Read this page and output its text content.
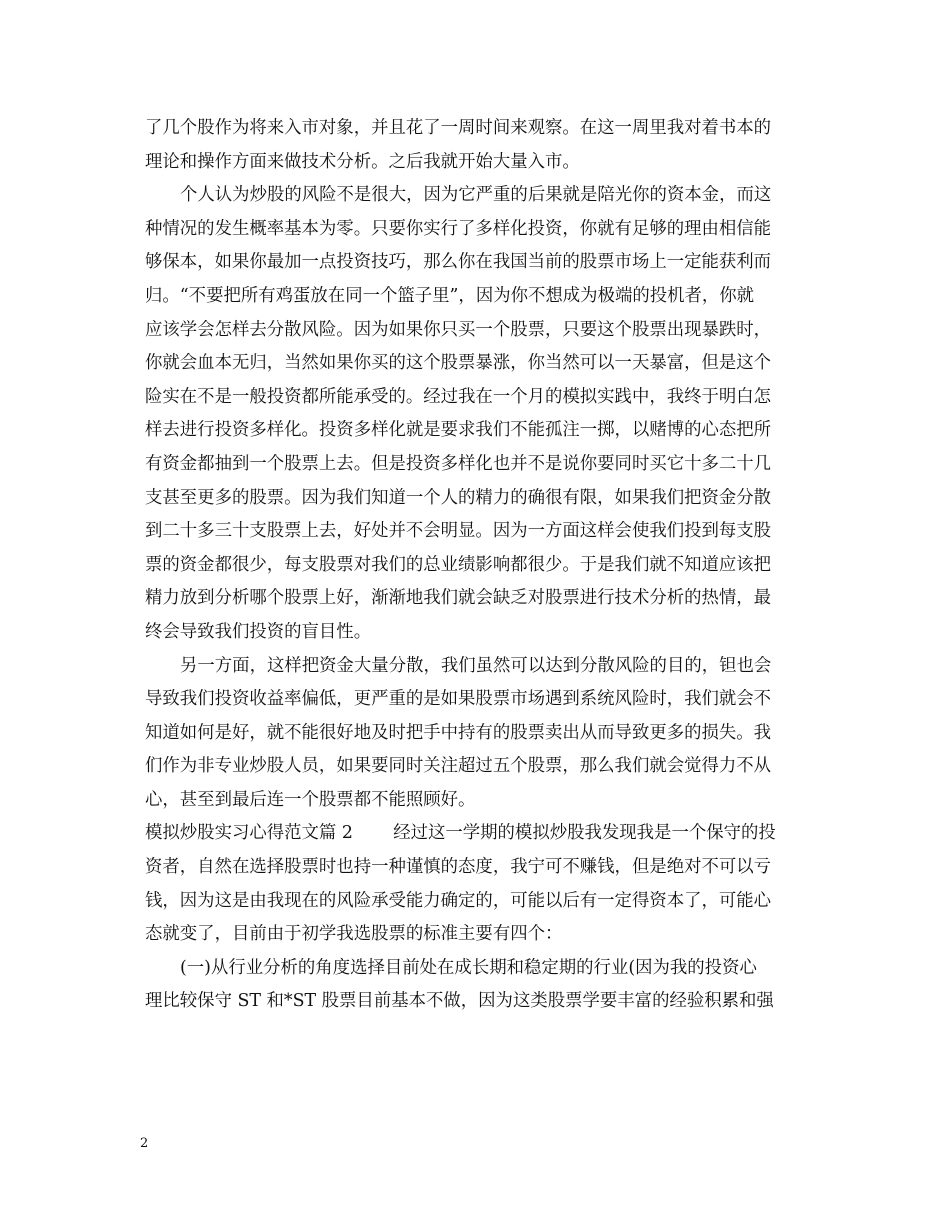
了几个股作为将来入市对象，并且花了一周时间来观察。在这一周里我对着书本的
理论和操作方面来做技术分析。之后我就开始大量入市。
个人认为炒股的风险不是很大，因为它严重的后果就是陪光你的资本金，而这
种情况的发生概率基本为零。只要你实行了多样化投资，你就有足够的理由相信能
够保本，如果你最加一点投资技巧，那么你在我国当前的股票市场上一定能获利而
归。“不要把所有鸡蛋放在同一个篮子里”，因为你不想成为极端的投机者，你就
应该学会怎样去分散风险。因为如果你只买一个股票，只要这个股票出现暴跌时，
你就会血本无归，当然如果你买的这个股票暴涨，你当然可以一天暴富，但是这个
险实在不是一般投资都所能承受的。经过我在一个月的模拟实践中，我终于明白怎
样去进行投资多样化。投资多样化就是要求我们不能孤注一掷，以赌博的心态把所
有资金都抽到一个股票上去。但是投资多样化也并不是说你要同时买它十多二十几
支甚至更多的股票。因为我们知道一个人的精力的确很有限，如果我们把资金分散
到二十多三十支股票上去，好处并不会明显。因为一方面这样会使我们投到每支股
票的资金都很少，每支股票对我们的总业绩影响都很少。于是我们就不知道应该把
精力放到分析哪个股票上好，渐渐地我们就会缺乏对股票进行技术分析的热情，最
终会导致我们投资的盲目性。
另一方面，这样把资金大量分散，我们虽然可以达到分散风险的目的，钽也会
导致我们投资收益率偏低，更严重的是如果股票市场遇到系统风险时，我们就会不
知道如何是好，就不能很好地及时把手中持有的股票卖出从而导致更多的损失。我
们作为非专业炒股人员，如果要同时关注超过五个股票，那么我们就会觉得力不从
心，甚至到最后连一个股票都不能照顾好。
模拟炒股实习心得范文篇 2　　 经过这一学期的模拟炒股我发现我是一个保守的投
资者，自然在选择股票时也持一种谨慎的态度，我宁可不赚钱，但是绝对不可以亏
钱，因为这是由我现在的风险承受能力确定的，可能以后有一定得资本了，可能心
态就变了，目前由于初学我选股票的标准主要有四个：
(一)从行业分析的角度选择目前处在成长期和稳定期的行业(因为我的投资心
理比较保守 ST 和*ST 股票目前基本不做，因为这类股票学要丰富的经验积累和强
2
